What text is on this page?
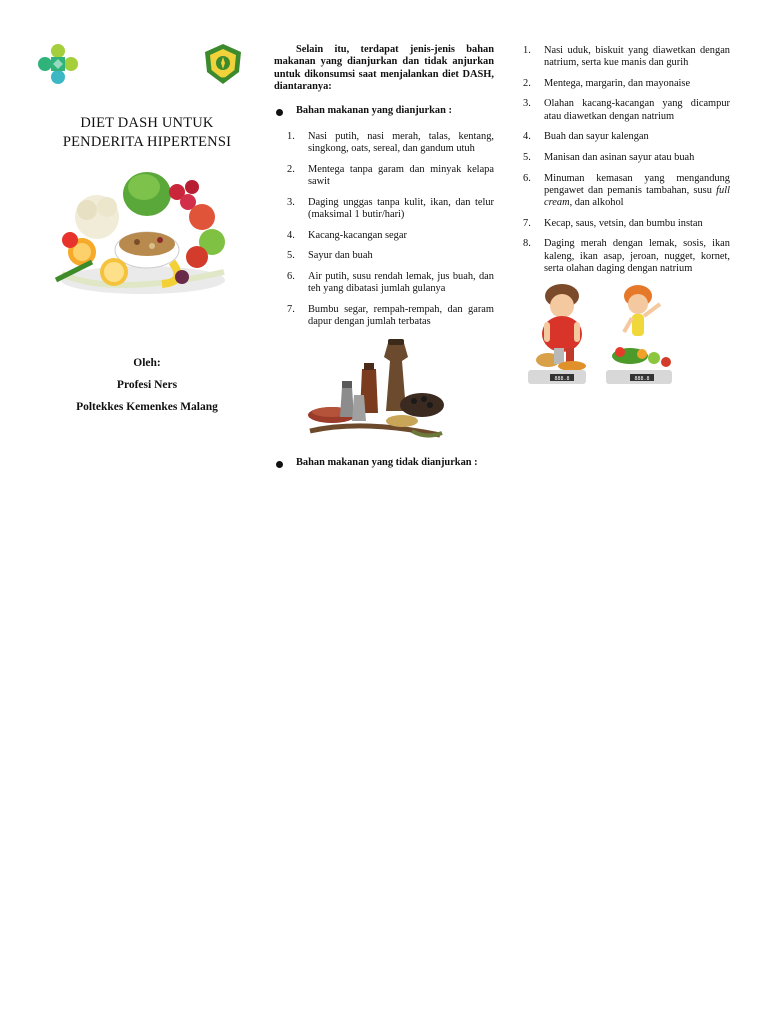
DIET DASH UNTUK
PENDERITA HIPERTENSI
Oleh:
Profesi Ners
Poltekkes Kemenkes Malang
Selain itu, terdapat jenis-jenis bahan makanan yang dianjurkan dan tidak anjurkan untuk dikonsumsi saat menjalankan diet DASH, diantaranya:
Bahan makanan yang dianjurkan :
1. Nasi putih, nasi merah, talas, kentang, singkong, oats, sereal, dan gandum utuh
2. Mentega tanpa garam dan minyak kelapa sawit
3. Daging unggas tanpa kulit, ikan, dan telur (maksimal 1 butir/hari)
4. Kacang-kacangan segar
5. Sayur dan buah
6. Air putih, susu rendah lemak, jus buah, dan teh yang dibatasi jumlah gulanya
7. Bumbu segar, rempah-rempah, dan garam dapur dengan jumlah terbatas
Bahan makanan yang tidak dianjurkan :
1. Nasi uduk, biskuit yang diawetkan dengan natrium, serta kue manis dan gurih
2. Mentega, margarin, dan mayonaise
3. Olahan kacang-kacangan yang dicampur atau diawetkan dengan natrium
4. Buah dan sayur kalengan
5. Manisan dan asinan sayur atau buah
6. Minuman kemasan yang mengandung pengawet dan pemanis tambahan, susu full cream, dan alkohol
7. Kecap, saus, vetsin, dan bumbu instan
8. Daging merah dengan lemak, sosis, ikan kaleng, ikan asap, jeroan, nugget, kornet, serta olahan daging dengan natrium
888.8	888.8
